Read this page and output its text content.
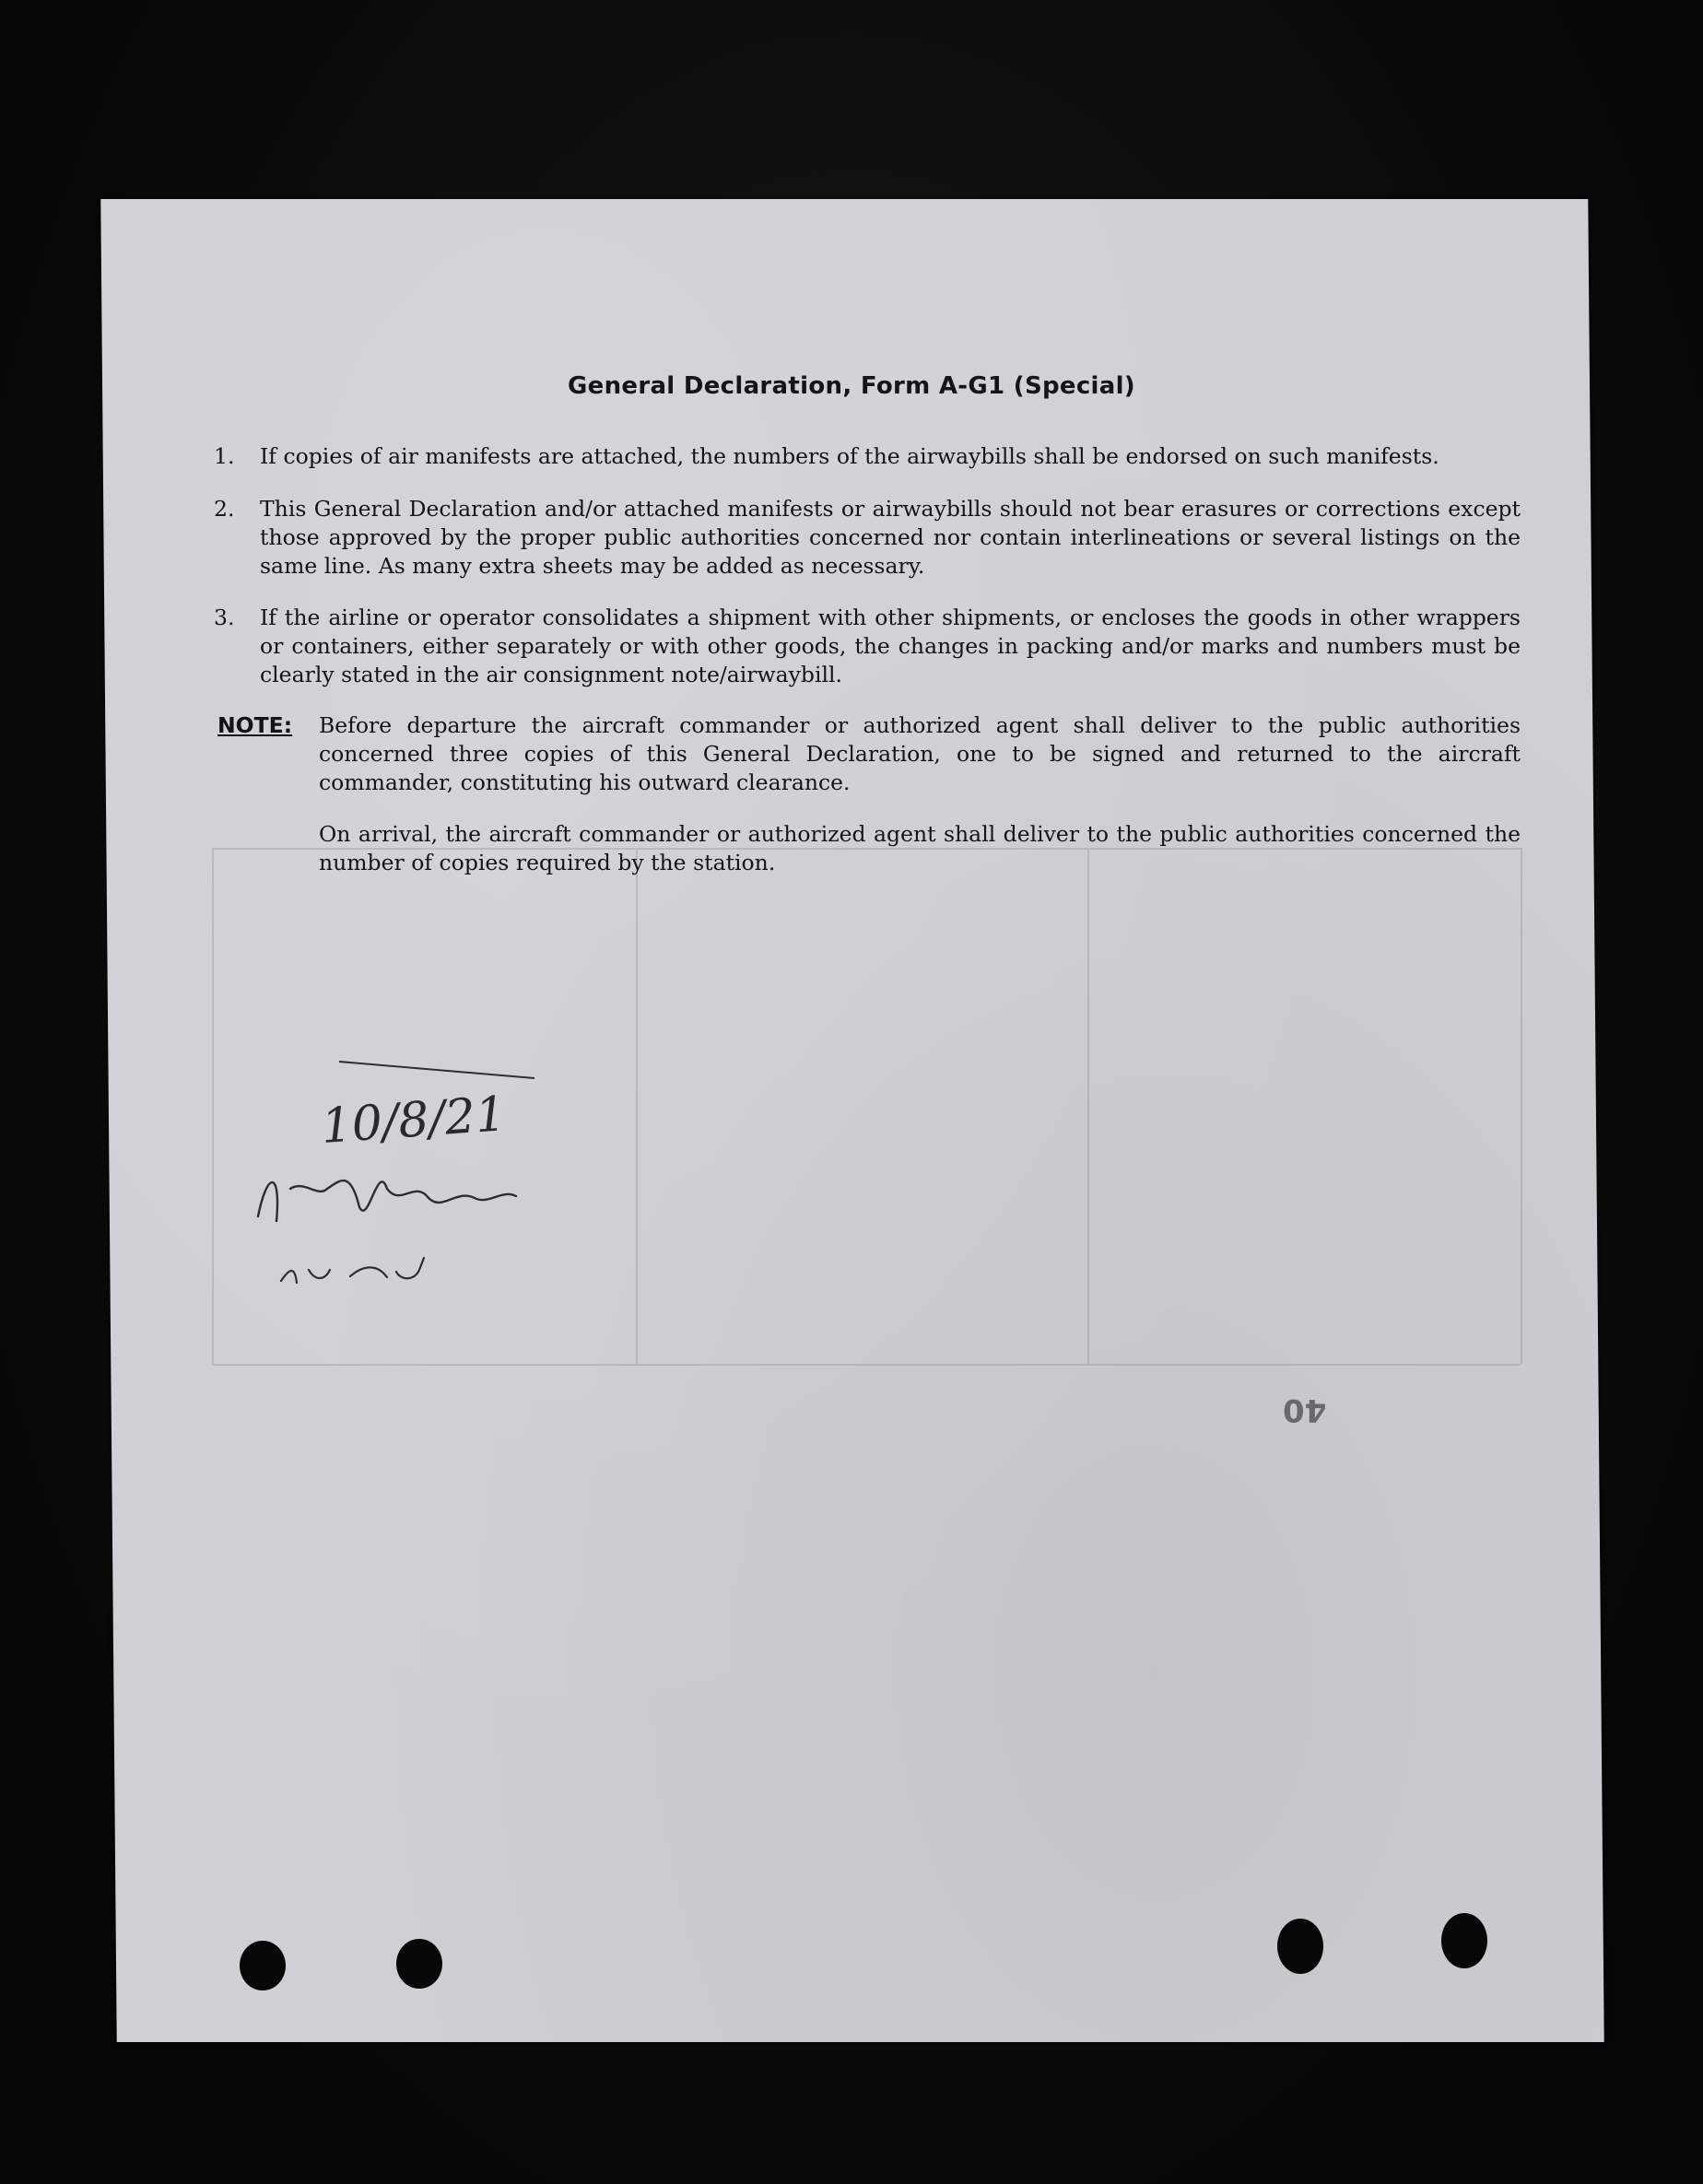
General Declaration, Form A-G1 (Special)
1.	If copies of air manifests are attached, the numbers of the airwaybills shall be endorsed on such manifests.
2.	This General Declaration and/or attached manifests or airwaybills should not bear erasures or corrections except those approved by the proper public authorities concerned nor contain interlineations or several listings on the same line. As many extra sheets may be added as necessary.
3.	If the airline or operator consolidates a shipment with other shipments, or encloses the goods in other wrappers or containers, either separately or with other goods, the changes in packing and/or marks and numbers must be clearly stated in the air consignment note/airwaybill.
NOTE: Before departure the aircraft commander or authorized agent shall deliver to the public authorities concerned three copies of this General Declaration, one to be signed and returned to the aircraft commander, constituting his outward clearance.
On arrival, the aircraft commander or authorized agent shall deliver to the public authorities concerned the number of copies required by the station.
10/8/21
40
